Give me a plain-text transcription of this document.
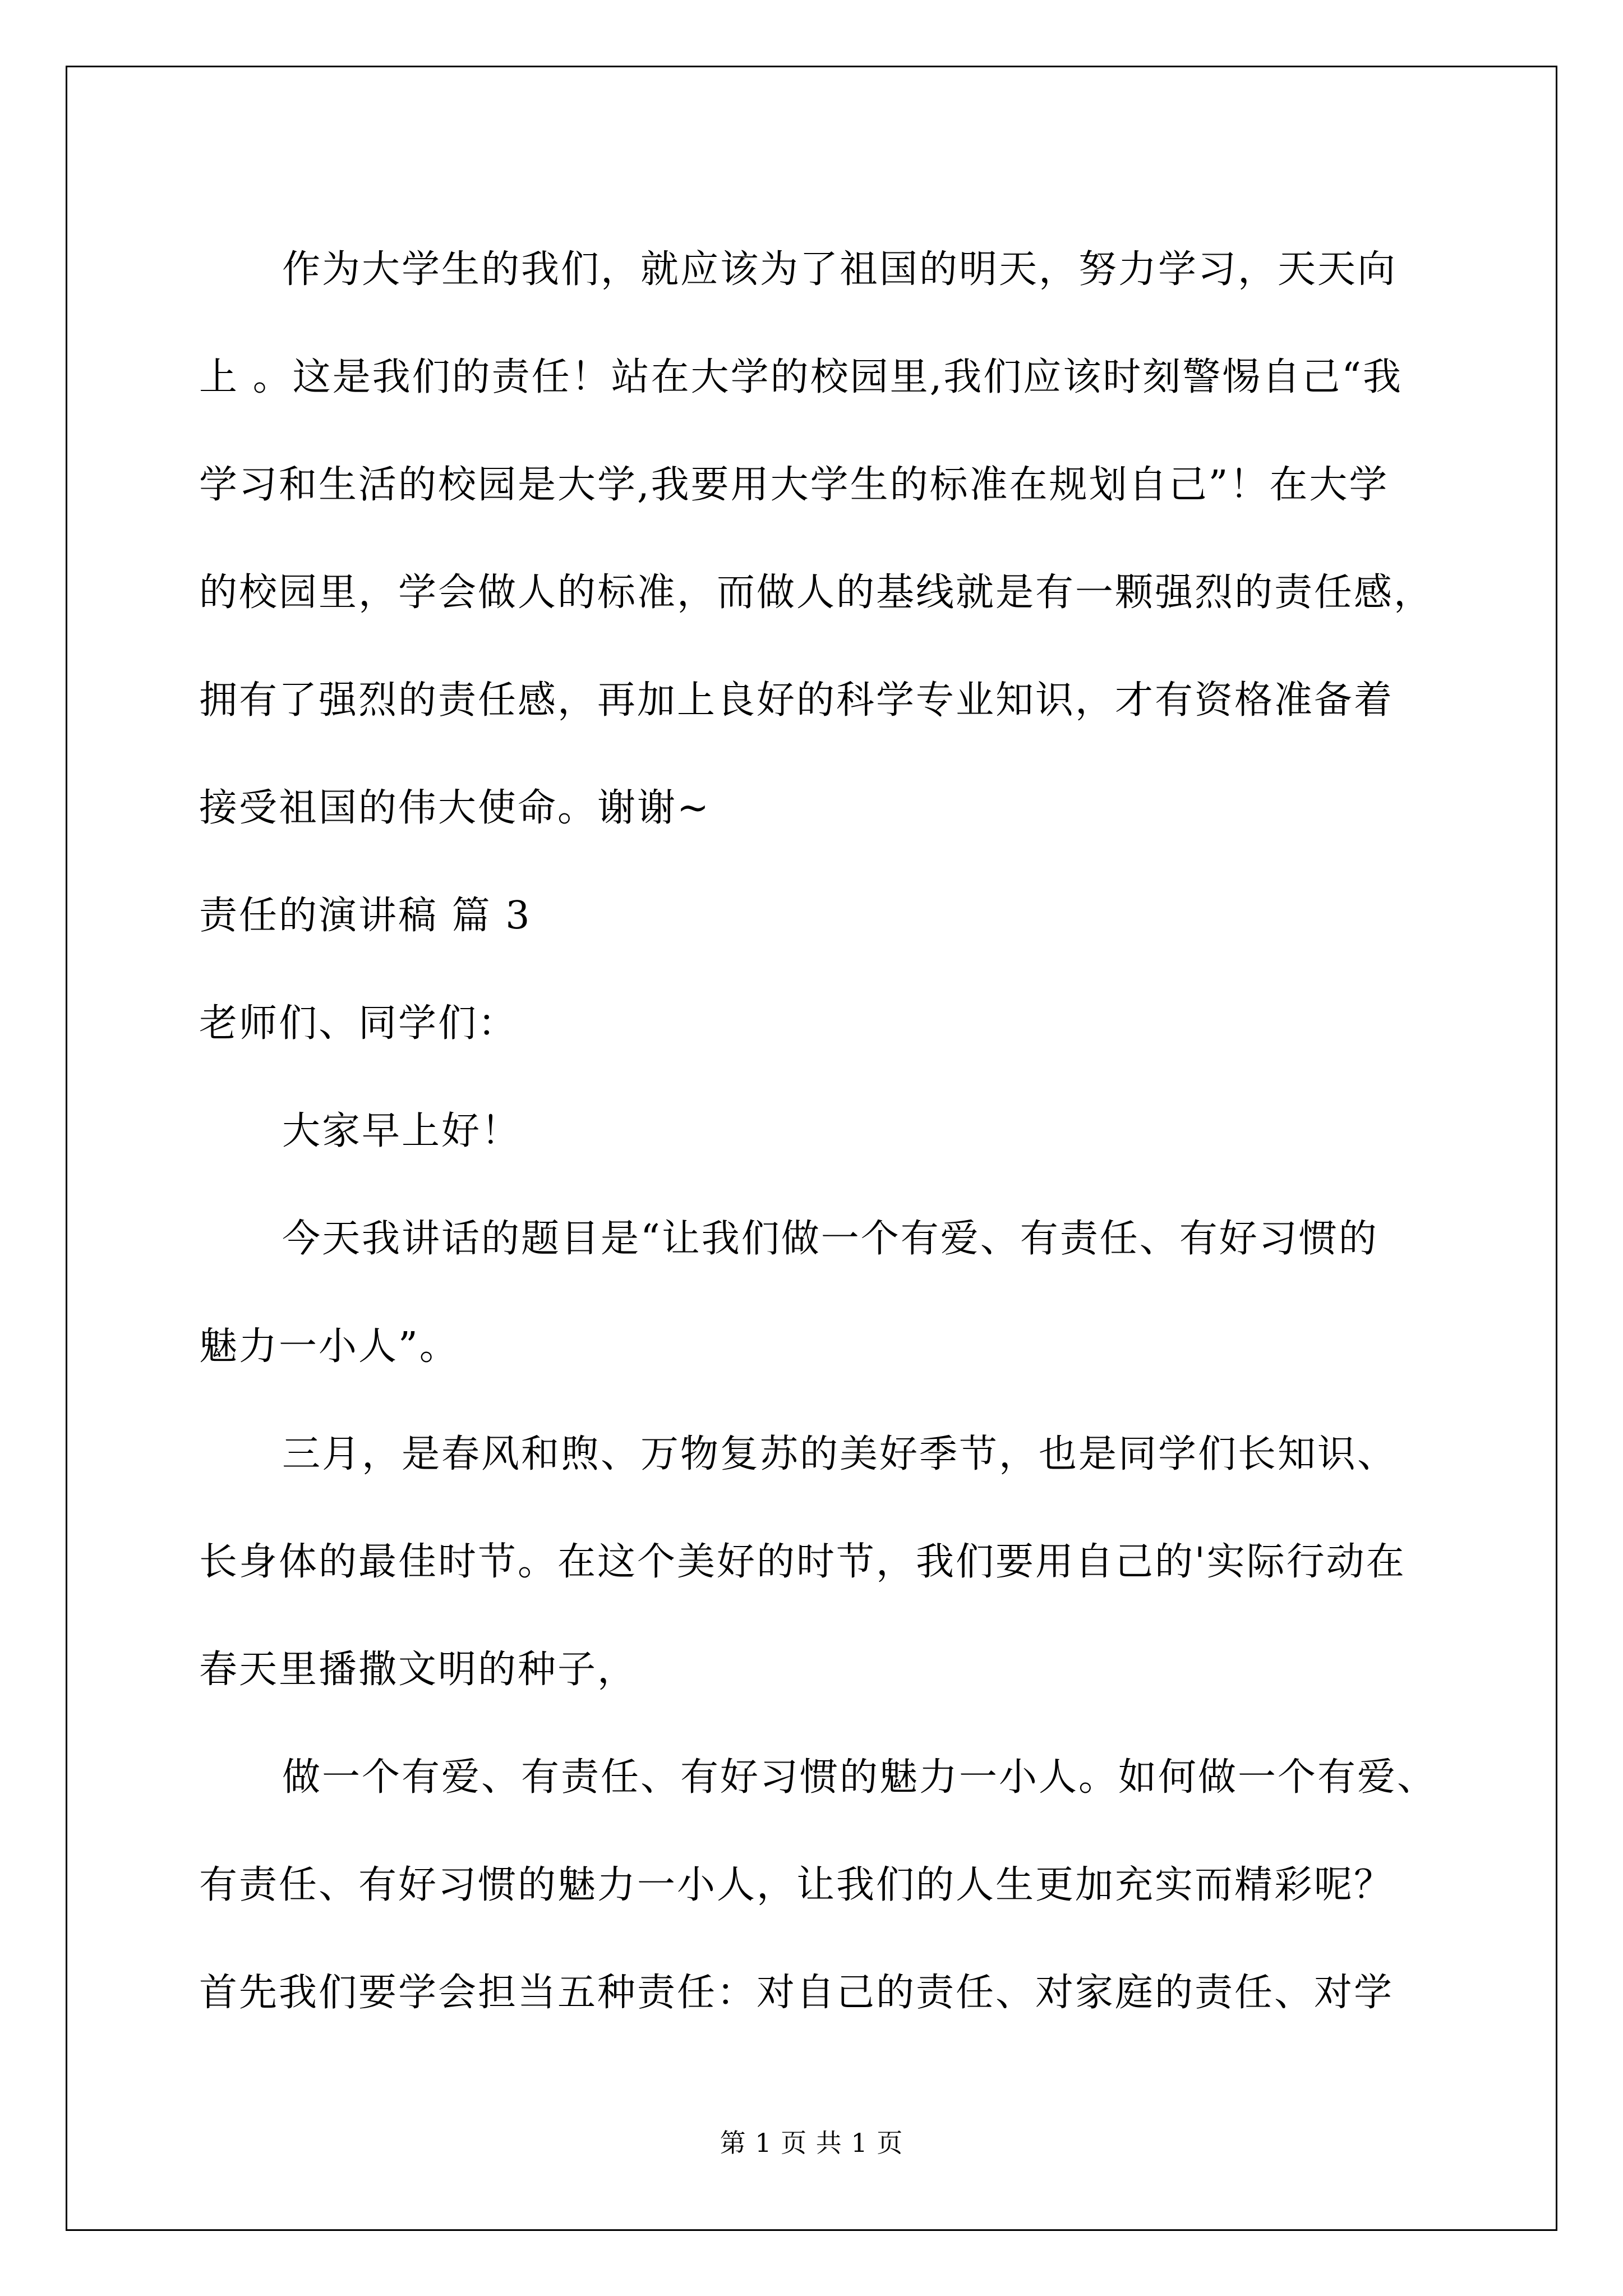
作为大学生的我们，就应该为了祖国的明天，努力学习，天天向
上 。这是我们的责任！站在大学的校园里,我们应该时刻警惕自己“我
学习和生活的校园是大学,我要用大学生的标准在规划自己”！在大学
的校园里，学会做人的标准，而做人的基线就是有一颗强烈的责任感，
拥有了强烈的责任感，再加上良好的科学专业知识，才有资格准备着
接受祖国的伟大使命。谢谢~
责任的演讲稿 篇 3
老师们、同学们：
大家早上好！
今天我讲话的题目是“让我们做一个有爱、有责任、有好习惯的
魅力一小人”。
三月，是春风和煦、万物复苏的美好季节，也是同学们长知识、
长身体的最佳时节。在这个美好的时节，我们要用自己的'实际行动在
春天里播撒文明的种子，
做一个有爱、有责任、有好习惯的魅力一小人。如何做一个有爱、
有责任、有好习惯的魅力一小人，让我们的人生更加充实而精彩呢？
首先我们要学会担当五种责任：对自己的责任、对家庭的责任、对学
第 1 页 共 1 页
